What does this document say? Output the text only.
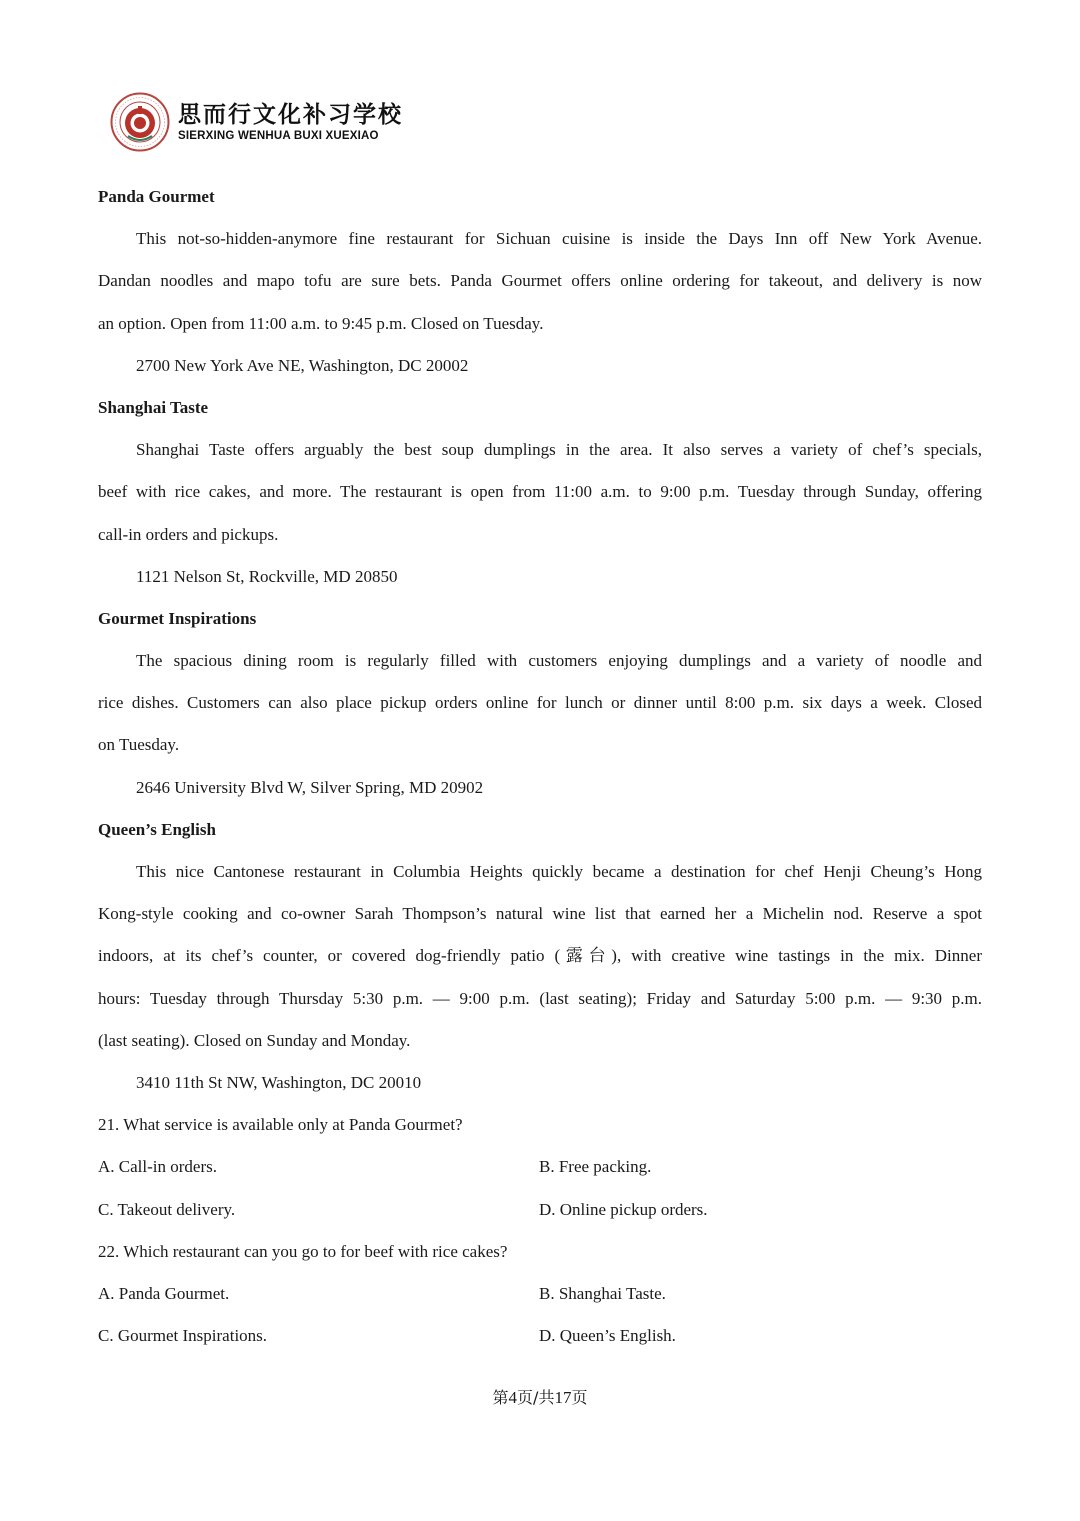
思而行文化补习学校
SIERXING WENHUA BUXI XUEXIAO
Panda Gourmet
This not-so-hidden-anymore fine restaurant for Sichuan cuisine is inside the Days Inn off New York Avenue.
Dandan noodles and mapo tofu are sure bets. Panda Gourmet offers online ordering for takeout, and delivery is now
an option. Open from 11:00 a.m. to 9:45 p.m. Closed on Tuesday.
2700 New York Ave NE, Washington, DC 20002
Shanghai Taste
Shanghai Taste offers arguably the best soup dumplings in the area. It also serves a variety of chef’s specials,
beef with rice cakes, and more. The restaurant is open from 11:00 a.m. to 9:00 p.m. Tuesday through Sunday, offering
call-in orders and pickups.
1121 Nelson St, Rockville, MD 20850
Gourmet Inspirations
The spacious dining room is regularly filled with customers enjoying dumplings and a variety of noodle and
rice dishes. Customers can also place pickup orders online for lunch or dinner until 8:00 p.m. six days a week. Closed
on Tuesday.
2646 University Blvd W, Silver Spring, MD 20902
Queen’s English
This nice Cantonese restaurant in Columbia Heights quickly became a destination for chef Henji Cheung’s Hong
Kong-style cooking and co-owner Sarah Thompson’s natural wine list that earned her a Michelin nod. Reserve a spot
indoors, at its chef’s counter, or covered dog-friendly patio (露台), with creative wine tastings in the mix. Dinner
hours: Tuesday through Thursday 5:30 p.m. — 9:00 p.m. (last seating); Friday and Saturday 5:00 p.m. — 9:30 p.m.
(last seating). Closed on Sunday and Monday.
3410 11th St NW, Washington, DC 20010
21. What service is available only at Panda Gourmet?
A. Call-in orders.	B. Free packing.
C. Takeout delivery.	D. Online pickup orders.
22. Which restaurant can you go to for beef with rice cakes?
A. Panda Gourmet.	B. Shanghai Taste.
C. Gourmet Inspirations.	D. Queen’s English.
第4页/共17页
